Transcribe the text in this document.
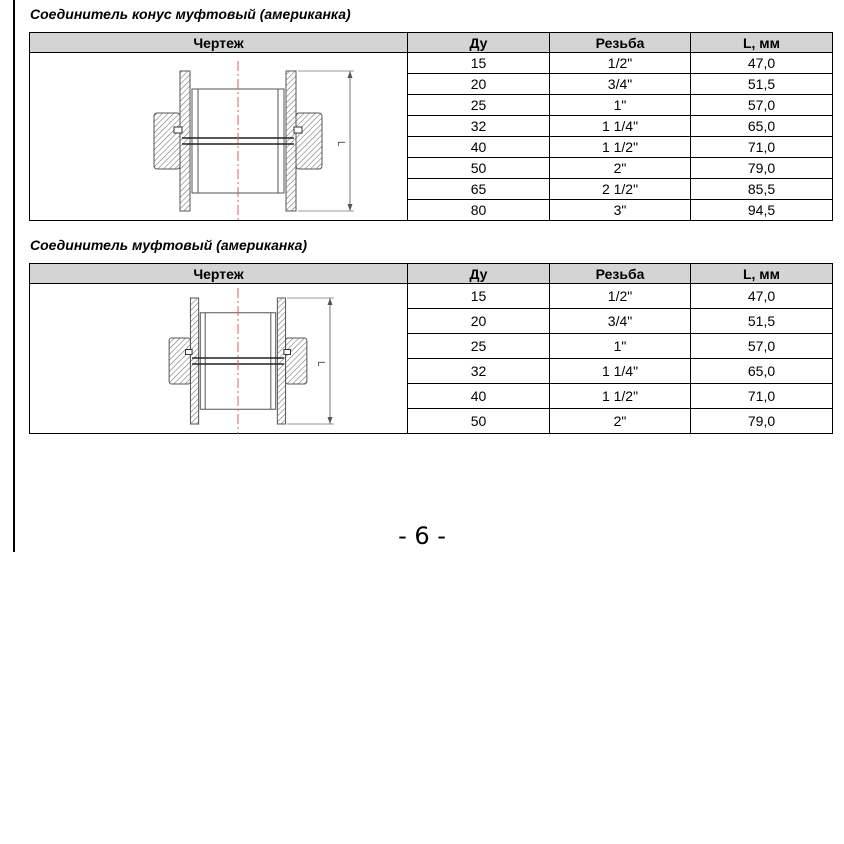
Соединитель конус муфтовый (американка)
Чертеж	Ду	Резьба	L, мм

L	15	1/2"	47,0
	20	3/4"	51,5
	25	1"	57,0
	32	1 1/4"	65,0
	40	1 1/2"	71,0
	50	2"	79,0
	65	2 1/2"	85,5
	80	3"	94,5
Соединитель муфтовый (американка)
Чертеж	Ду	Резьба	L, мм

L	15	1/2"	47,0
	20	3/4"	51,5
	25	1"	57,0
	32	1 1/4"	65,0
	40	1 1/2"	71,0
	50	2"	79,0
- 6 -
